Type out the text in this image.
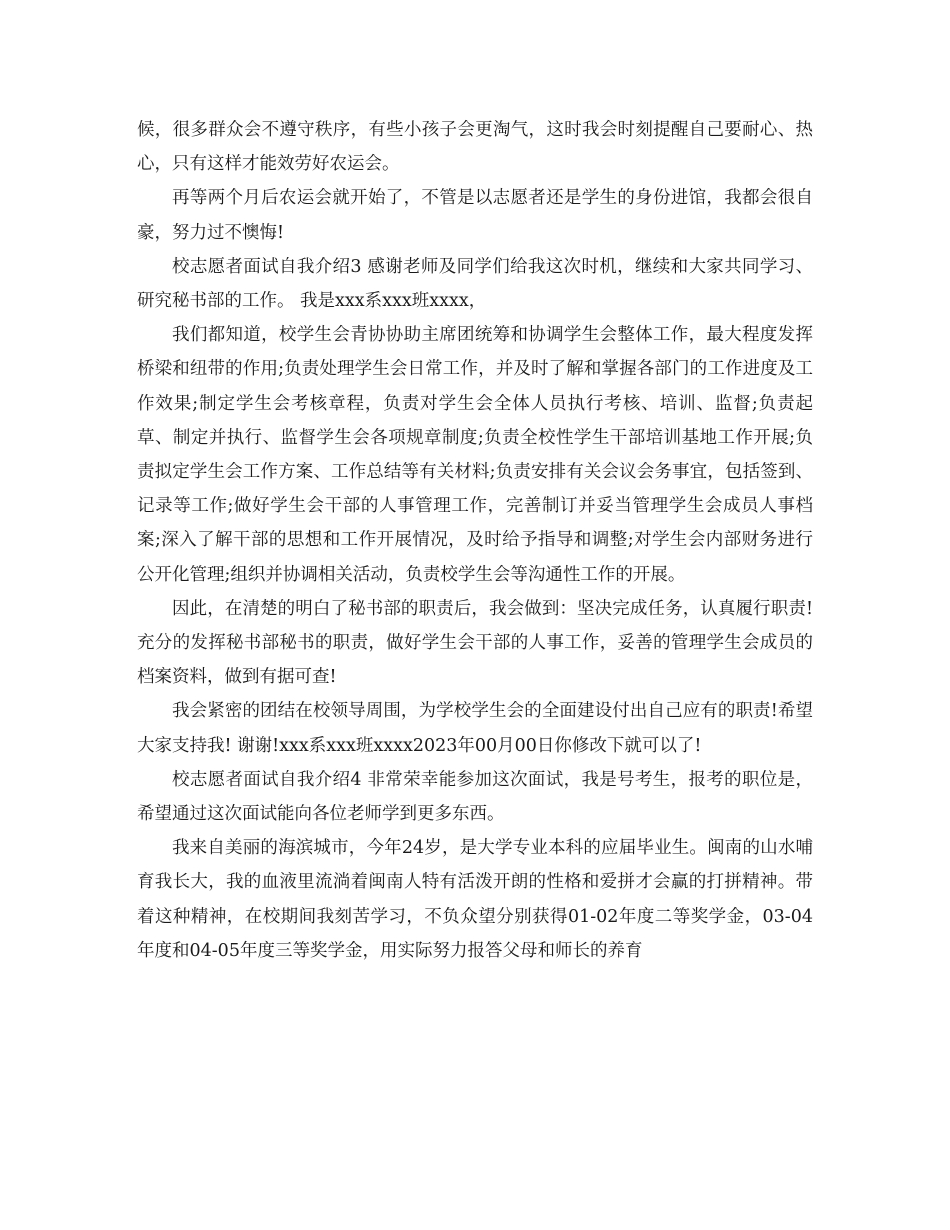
候，很多群众会不遵守秩序，有些小孩子会更淘气，这时我会时刻提醒自己要耐心、热心，只有这样才能效劳好农运会。

再等两个月后农运会就开始了，不管是以志愿者还是学生的身份进馆，我都会很自豪，努力过不懊悔!

校志愿者面试自我介绍3 感谢老师及同学们给我这次时机，继续和大家共同学习、研究秘书部的工作。 我是xxx系xxx班xxxx，

我们都知道，校学生会青协协助主席团统筹和协调学生会整体工作，最大程度发挥桥梁和纽带的作用;负责处理学生会日常工作，并及时了解和掌握各部门的工作进度及工作效果;制定学生会考核章程，负责对学生会全体人员执行考核、培训、监督;负责起草、制定并执行、监督学生会各项规章制度;负责全校性学生干部培训基地工作开展;负责拟定学生会工作方案、工作总结等有关材料;负责安排有关会议会务事宜，包括签到、记录等工作;做好学生会干部的人事管理工作，完善制订并妥当管理学生会成员人事档案;深入了解干部的思想和工作开展情况，及时给予指导和调整;对学生会内部财务进行公开化管理;组织并协调相关活动，负责校学生会等沟通性工作的开展。

因此，在清楚的明白了秘书部的职责后，我会做到：坚决完成任务，认真履行职责!充分的发挥秘书部秘书的职责，做好学生会干部的人事工作，妥善的管理学生会成员的档案资料，做到有据可查!

我会紧密的团结在校领导周围，为学校学生会的全面建设付出自己应有的职责!希望大家支持我! 谢谢!xxx系xxx班xxxx2023年00月00日你修改下就可以了!

校志愿者面试自我介绍4 非常荣幸能参加这次面试，我是号考生，报考的职位是，希望通过这次面试能向各位老师学到更多东西。

我来自美丽的海滨城市，今年24岁，是大学专业本科的应届毕业生。闽南的山水哺育我长大，我的血液里流淌着闽南人特有活泼开朗的性格和爱拼才会赢的打拼精神。带着这种精神，在校期间我刻苦学习，不负众望分别获得01-02年度二等奖学金，03-04年度和04-05年度三等奖学金，用实际努力报答父母和师长的养育
